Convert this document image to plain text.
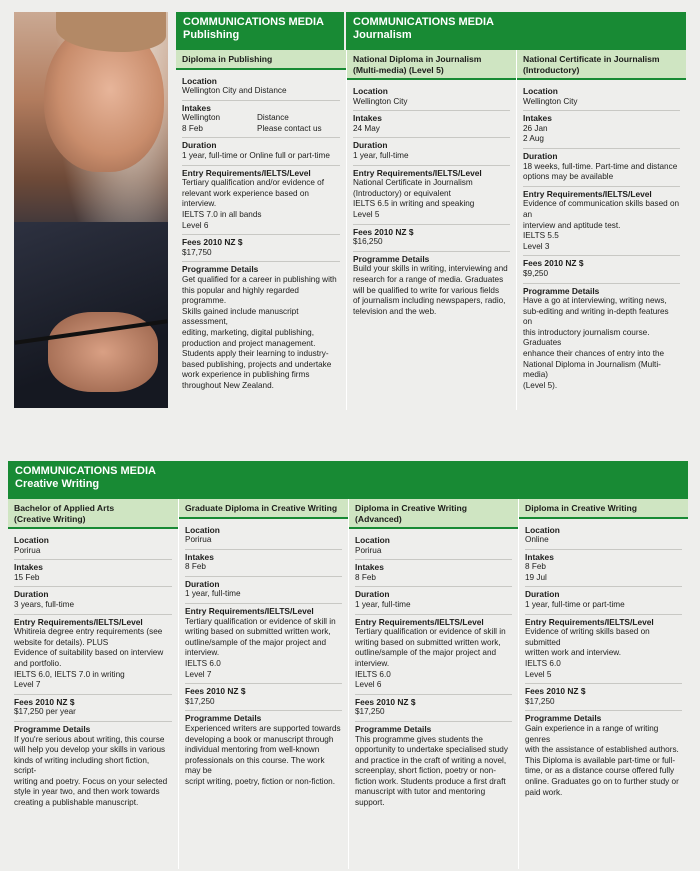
COMMUNICATIONS MEDIA
Publishing
COMMUNICATIONS MEDIA
Journalism
Diploma in Publishing
Location
Wellington City and Distance
Intakes
Wellington
8 Feb
Distance
Please contact us
Duration
1 year, full-time or Online full or part-time
Entry Requirements/IELTS/Level
Tertiary qualification and/or evidence of
relevant work experience based on interview.
IELTS 7.0 in all bands
Level 6
Fees 2010 NZ $
$17,750
Programme Details
Get qualified for a career in publishing with
this popular and highly regarded programme.
Skills gained include manuscript assessment,
editing, marketing, digital publishing,
production and project management.
Students apply their learning to industry-
based publishing, projects and undertake
work experience in publishing firms
throughout New Zealand.
National Diploma in Journalism
(Multi-media) (Level 5)
Location
Wellington City
Intakes
24 May
Duration
1 year, full-time
Entry Requirements/IELTS/Level
National Certificate in Journalism
(Introductory) or equivalent
IELTS 6.5 in writing and speaking
Level 5
Fees 2010 NZ $
$16,250
Programme Details
Build your skills in writing, interviewing and
research for a range of media. Graduates
will be qualified to write for various fields
of journalism including newspapers, radio,
television and the web.
National Certificate in Journalism
(Introductory)
Location
Wellington City
Intakes
26 Jan
2 Aug
Duration
18 weeks, full-time. Part-time and distance
options may be available
Entry Requirements/IELTS/Level
Evidence of communication skills based on an
interview and aptitude test.
IELTS 5.5
Level 3
Fees 2010 NZ $
$9,250
Programme Details
Have a go at interviewing, writing news,
sub-editing and writing in-depth features on
this introductory journalism course. Graduates
enhance their chances of entry into the
National Diploma in Journalism (Multi-media)
(Level 5).
COMMUNICATIONS MEDIA
Creative Writing
Bachelor of Applied Arts
(Creative Writing)
Location
Porirua
Intakes
15 Feb
Duration
3 years, full-time
Entry Requirements/IELTS/Level
Whitireia degree entry requirements (see
website for details). PLUS
Evidence of suitability based on interview
and portfolio.
IELTS 6.0, IELTS 7.0 in writing
Level 7
Fees 2010 NZ $
$17,250 per year
Programme Details
If you're serious about writing, this course
will help you develop your skills in various
kinds of writing including short fiction, script-
writing and poetry. Focus on your selected
style in year two, and then work towards
creating a publishable manuscript.
Graduate Diploma in Creative Writing
Location
Porirua
Intakes
8 Feb
Duration
1 year, full-time
Entry Requirements/IELTS/Level
Tertiary qualification or evidence of skill in
writing based on submitted written work,
outline/sample of the major project and
interview.
IELTS 6.0
Level 7
Fees 2010 NZ $
$17,250
Programme Details
Experienced writers are supported towards
developing a book or manuscript through
individual mentoring from well-known
professionals on this course. The work may be
script writing, poetry, fiction or non-fiction.
Diploma in Creative Writing (Advanced)
Location
Porirua
Intakes
8 Feb
Duration
1 year, full-time
Entry Requirements/IELTS/Level
Tertiary qualification or evidence of skill in
writing based on submitted written work,
outline/sample of the major project and
interview.
IELTS 6.0
Level 6
Fees 2010 NZ $
$17,250
Programme Details
This programme gives students the
opportunity to undertake specialised study
and practice in the craft of writing a novel,
screenplay, short fiction, poetry or non-
fiction work. Students produce a first draft
manuscript with tutor and mentoring support.
Diploma in Creative Writing
Location
Online
Intakes
8 Feb
19 Jul
Duration
1 year, full-time or part-time
Entry Requirements/IELTS/Level
Evidence of writing skills based on submitted
written work and interview.
IELTS 6.0
Level 5
Fees 2010 NZ $
$17,250
Programme Details
Gain experience in a range of writing genres
with the assistance of established authors.
This Diploma is available part-time or full-
time, or as a distance course offered fully
online. Graduates go on to further study or
paid work.
